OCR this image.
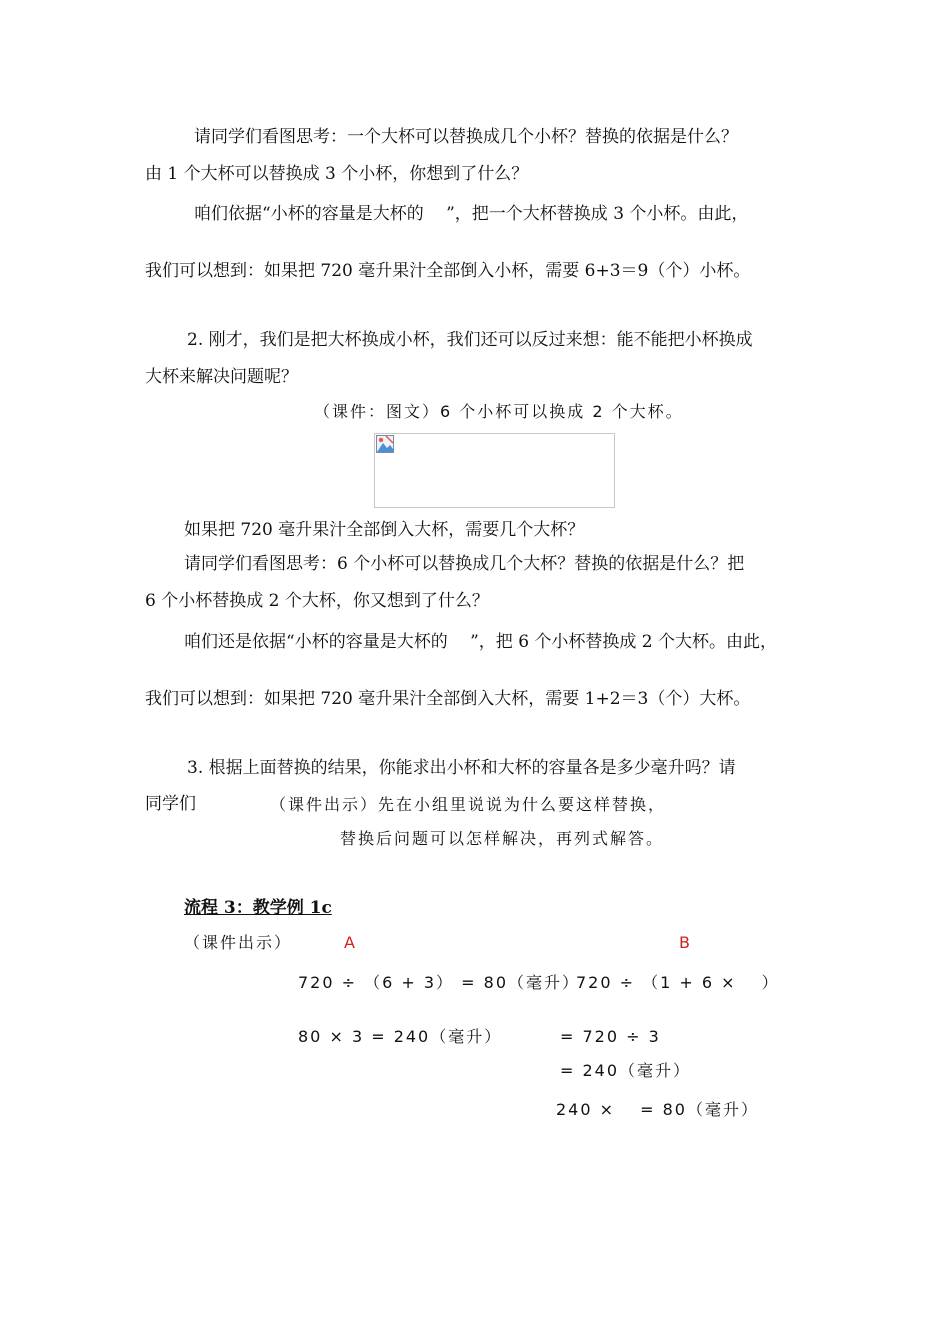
请同学们看图思考：一个大杯可以替换成几个小杯？替换的依据是什么？
由 1 个大杯可以替换成 3 个小杯，你想到了什么？
咱们依据“小杯的容量是大杯的　 ”，把一个大杯替换成 3 个小杯。由此，
我们可以想到：如果把 720 毫升果汁全部倒入小杯，需要 6+3＝9（个）小杯。
2. 刚才，我们是把大杯换成小杯，我们还可以反过来想：能不能把小杯换成
大杯来解决问题呢？
（课件：图文）6 个小杯可以换成 2 个大杯。
如果把 720 毫升果汁全部倒入大杯，需要几个大杯？
请同学们看图思考：6 个小杯可以替换成几个大杯？替换的依据是什么？把
6 个小杯替换成 2 个大杯，你又想到了什么？
咱们还是依据“小杯的容量是大杯的　 ”，把 6 个小杯替换成 2 个大杯。由此，
我们可以想到：如果把 720 毫升果汁全部倒入大杯，需要 1+2＝3（个）大杯。
3. 根据上面替换的结果，你能求出小杯和大杯的容量各是多少毫升吗？请
同学们	（课件出示）先在小组里说说为什么要这样替换，
替换后问题可以怎样解决，再列式解答。
流程 3：教学例 1c
（课件出示）	A	B
720 ÷ （6 + 3） = 80（毫升）
80 × 3 = 240（毫升）
720 ÷ （1 + 6 ×　 ）
= 720 ÷ 3
= 240（毫升）
240 ×　 = 80（毫升）
